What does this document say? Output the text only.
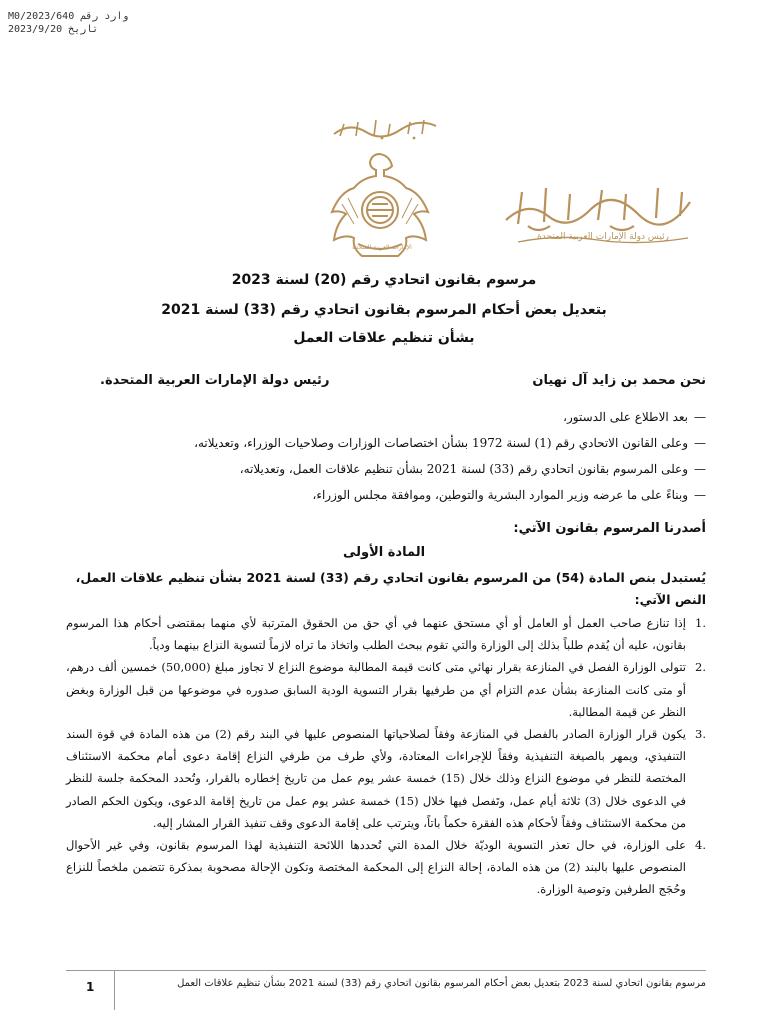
وارد رقم M0/2023/640
تاريخ 2023/9/20
الإمارات العربية المتحدة
رئيس دولة الإمارات العربية المتحدة
مرسوم بقانون اتحادي رقم (20) لسنة 2023
بتعديل بعض أحكام المرسوم بقانون اتحادي رقم (33) لسنة 2021
بشأن تنظيم علاقات العمل
نحن محمد بن زايد آل نهيان
رئيس دولة الإمارات العربية المتحدة.
— بعد الاطلاع على الدستور،
— وعلى القانون الاتحادي رقم (1) لسنة 1972 بشأن اختصاصات الوزارات وصلاحيات الوزراء، وتعديلاته،
— وعلى المرسوم بقانون اتحادي رقم (33) لسنة 2021 بشأن تنظيم علاقات العمل، وتعديلاته،
— وبناءً على ما عرضه وزير الموارد البشرية والتوطين، وموافقة مجلس الوزراء،
أصدرنا المرسوم بقانون الآتي:
المادة الأولى
يُستبدل بنص المادة (54) من المرسوم بقانون اتحادي رقم (33) لسنة 2021 بشأن تنظيم علاقات العمل، النص الآتي:
.1
إذا تنازع صاحب العمل أو العامل أو أي مستحق عنهما في أي حق من الحقوق المترتبة لأي منهما بمقتضى أحكام هذا المرسوم بقانون، عليه أن يُقدم طلباً بذلك إلى الوزارة والتي تقوم ببحث الطلب واتخاذ ما تراه لازماً لتسوية النزاع بينهما ودياً.
.2
تتولى الوزارة الفصل في المنازعة بقرار نهائي متى كانت قيمة المطالبة موضوع النزاع لا تجاوز مبلغ (50,000) خمسين ألف درهم، أو متى كانت المنازعة بشأن عدم التزام أي من طرفيها بقرار التسوية الودية السابق صدوره في موضوعها من قبل الوزارة وبغض النظر عن قيمة المطالبة.
.3
يكون قرار الوزارة الصادر بالفصل في المنازعة وفقاً لصلاحياتها المنصوص عليها في البند رقم (2) من هذه المادة في قوة السند التنفيذي، ويمهر بالصيغة التنفيذية وفقاً للإجراءات المعتادة، ولأي طرف من طرفي النزاع إقامة دعوى أمام محكمة الاستئناف المختصة للنظر في موضوع النزاع وذلك خلال (15) خمسة عشر يوم عمل من تاريخ إخطاره بالقرار، وتُحدد المحكمة جلسة للنظر في الدعوى خلال (3) ثلاثة أيام عمل، وتَفصل فيها خلال (15) خمسة عشر يوم عمل من تاريخ إقامة الدعوى، ويكون الحكم الصادر من محكمة الاستئناف وفقاً لأحكام هذه الفقرة حكماً باتاً، ويترتب على إقامة الدعوى وقف تنفيذ القرار المشار إليه.
.4
على الوزارة، في حال تعذر التسوية الوديّة خلال المدة التي تُحددها اللائحة التنفيذية لهذا المرسوم بقانون، وفي غير الأحوال المنصوص عليها بالبند (2) من هذه المادة، إحالة النزاع إلى المحكمة المختصة وتكون الإحالة مصحوبة بمذكرة تتضمن ملخصاً للنزاع وحُجَج الطرفين وتوصية الوزارة.
مرسوم بقانون اتحادي لسنة 2023 بتعديل بعض أحكام المرسوم بقانون اتحادي رقم (33) لسنة 2021 بشأن تنظيم علاقات العمل
1
